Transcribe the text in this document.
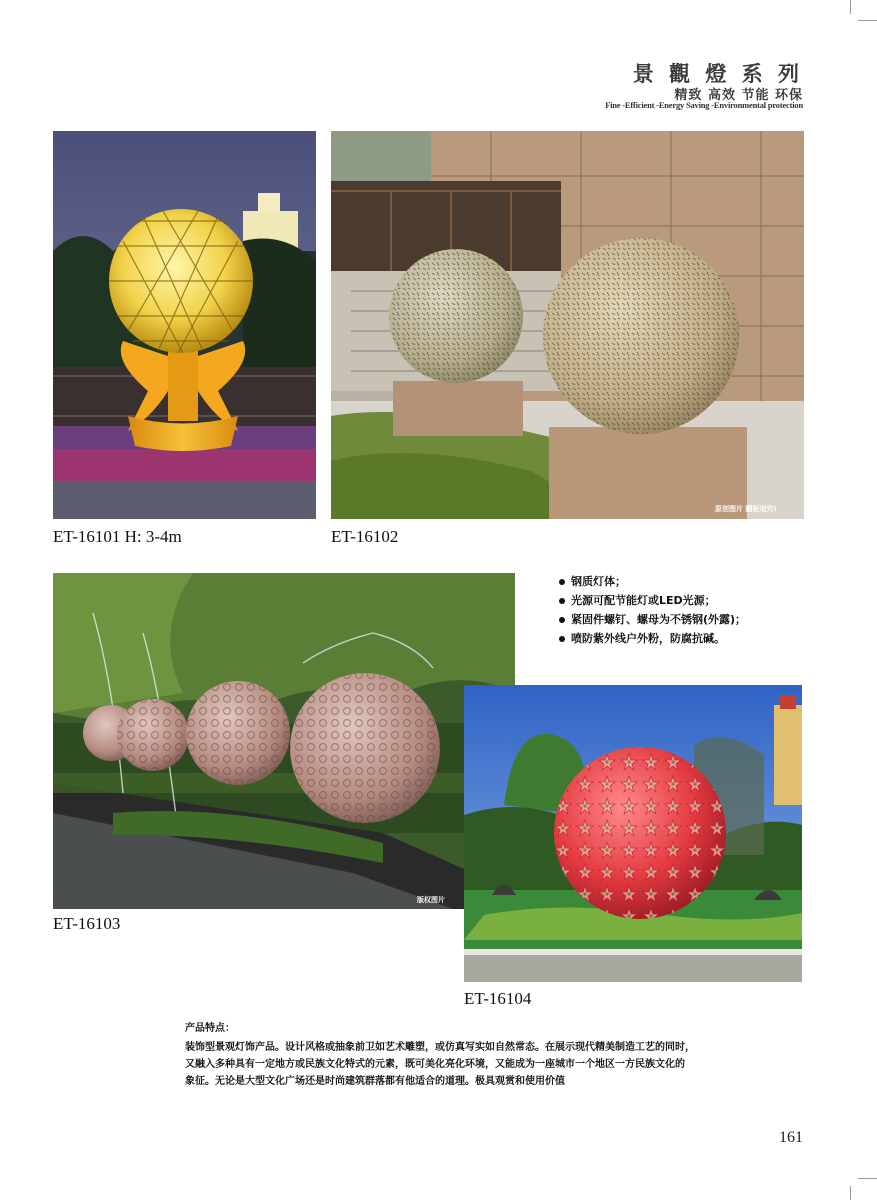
景 觀 燈 系 列
精致 高效 节能 环保
Fine -Efficient -Energy Saving -Environmental protection
ET-16101 H: 3-4m
原创图片 翻版追究!
ET-16102
版权图片
ET-16103
钢质灯体；
光源可配节能灯或LED光源；
紧固件螺钉、螺母为不锈钢(外露)；
喷防紫外线户外粉，防腐抗碱。
ET-16104
产品特点：
装饰型景观灯饰产品。设计风格或抽象前卫如艺术雕塑，或仿真写实如自然常态。在展示现代精美制造工艺的同时，
又融入多种具有一定地方或民族文化特式的元素，既可美化亮化环境，又能成为一座城市一个地区一方民族文化的
象征。无论是大型文化广场还是时尚建筑群落都有他适合的道理。极具观赏和使用价值
161
